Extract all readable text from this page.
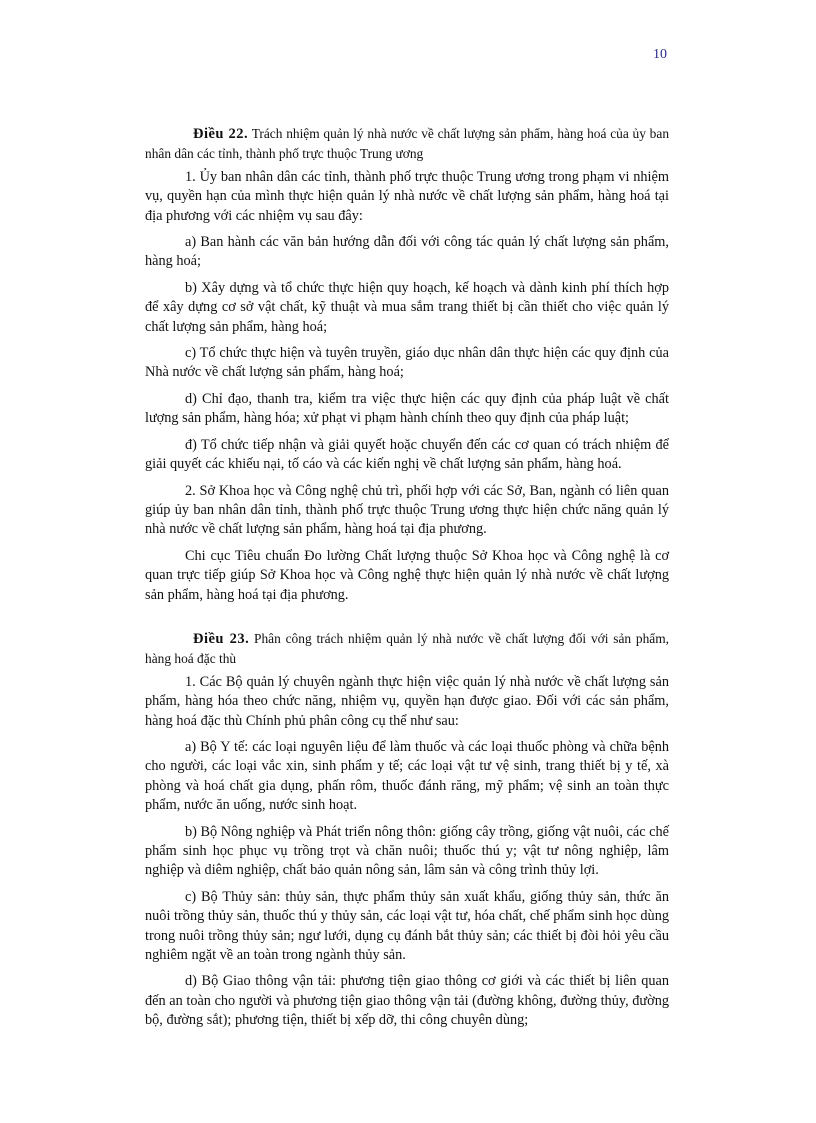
10

Điều 22. Trách nhiệm quản lý nhà nước về chất lượng sản phẩm, hàng hoá của ủy ban nhân dân các tỉnh, thành phố trực thuộc Trung ương

1. Ủy ban nhân dân các tỉnh, thành phố trực thuộc Trung ương trong phạm vi nhiệm vụ, quyền hạn của mình thực hiện quản lý nhà nước về chất lượng sản phẩm, hàng hoá tại địa phương với các nhiệm vụ sau đây:

a) Ban hành các văn bản hướng dẫn đối với công tác quản lý chất lượng sản phẩm, hàng hoá;

b) Xây dựng và tổ chức thực hiện quy hoạch, kế hoạch và dành kinh phí thích hợp để xây dựng cơ sở vật chất, kỹ thuật và mua sắm trang thiết bị cần thiết cho việc quản lý chất lượng sản phẩm, hàng hoá;

c) Tổ chức thực hiện và tuyên truyền, giáo dục nhân dân thực hiện các quy định của Nhà nước về chất lượng sản phẩm, hàng hoá;

d) Chỉ đạo, thanh tra, kiểm tra việc thực hiện các quy định của pháp luật về chất lượng sản phẩm, hàng hóa; xử phạt vi phạm hành chính theo quy định của pháp luật;

đ) Tổ chức tiếp nhận và giải quyết hoặc chuyển đến các cơ quan có trách nhiệm để giải quyết các khiếu nại, tố cáo và các kiến nghị về chất lượng sản phẩm, hàng hoá.

2. Sở Khoa học và Công nghệ chủ trì, phối hợp với các Sở, Ban, ngành có liên quan giúp ủy ban nhân dân tỉnh, thành phố trực thuộc Trung ương thực hiện chức năng quản lý nhà nước về chất lượng sản phẩm, hàng hoá tại địa phương.

Chi cục Tiêu chuẩn Đo lường Chất lượng thuộc Sở Khoa học và Công nghệ là cơ quan trực tiếp giúp Sở Khoa học và Công nghệ thực hiện quản lý nhà nước về chất lượng sản phẩm, hàng hoá tại địa phương.

Điều 23. Phân công trách nhiệm quản lý nhà nước về chất lượng đối với sản phẩm, hàng hoá đặc thù

1. Các Bộ quản lý chuyên ngành thực hiện việc quản lý nhà nước về chất lượng sản phẩm, hàng hóa theo chức năng, nhiệm vụ, quyền hạn được giao. Đối với các sản phẩm, hàng hoá đặc thù Chính phủ phân công cụ thể như sau:

a) Bộ Y tế: các loại nguyên liệu để làm thuốc và các loại thuốc phòng và chữa bệnh cho người, các loại vắc xin, sinh phẩm y tế; các loại vật tư vệ sinh, trang thiết bị y tế, xà phòng và hoá chất gia dụng, phấn rôm, thuốc đánh răng, mỹ phẩm; vệ sinh an toàn thực phẩm, nước ăn uống, nước sinh hoạt.

b) Bộ Nông nghiệp và Phát triển nông thôn: giống cây trồng, giống vật nuôi, các chế phẩm sinh học phục vụ trồng trọt và chăn nuôi; thuốc thú y; vật tư nông nghiệp, lâm nghiệp và diêm nghiệp, chất bảo quản nông sản, lâm sản và công trình thủy lợi.

c) Bộ Thủy sản: thủy sản, thực phẩm thủy sản xuất khẩu, giống thủy sản, thức ăn nuôi trồng thủy sản, thuốc thú y thủy sản, các loại vật tư, hóa chất, chế phẩm sinh học dùng trong nuôi trồng thủy sản; ngư lưới, dụng cụ đánh bắt thủy sản; các thiết bị đòi hỏi yêu cầu nghiêm ngặt về an toàn trong ngành thủy sản.

d) Bộ Giao thông vận tải: phương tiện giao thông cơ giới và các thiết bị liên quan đến an toàn cho người và phương tiện giao thông vận tải (đường không, đường thủy, đường bộ, đường sắt); phương tiện, thiết bị xếp dỡ, thi công chuyên dùng;
